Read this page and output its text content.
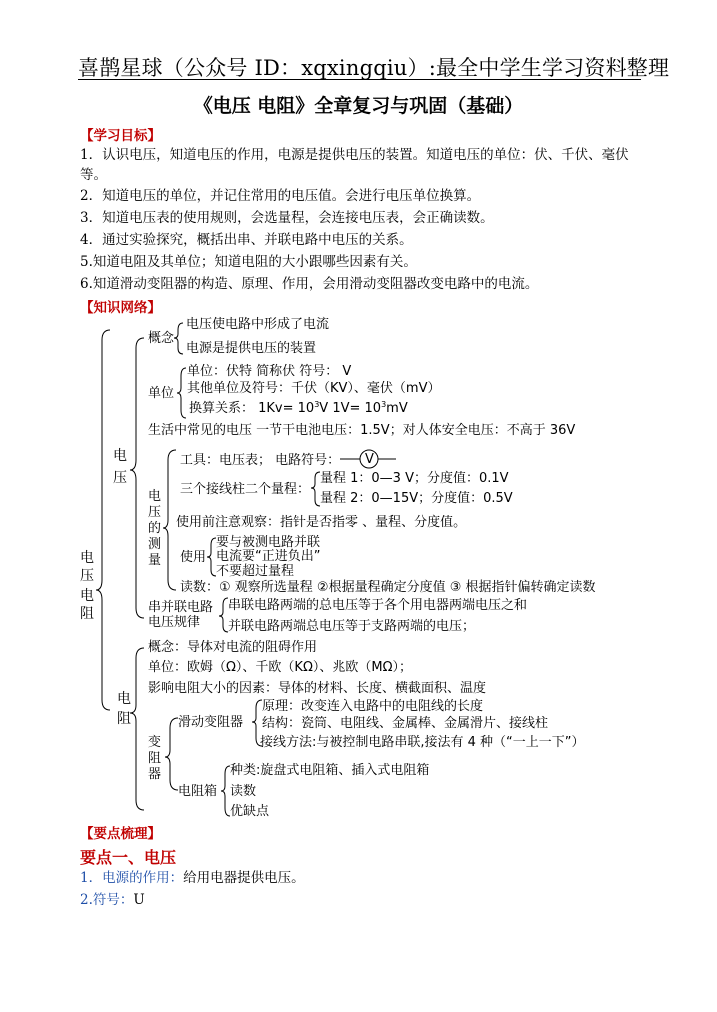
喜鹊星球（公众号 ID：xqxingqiu）:最全中学生学习资料整理
《电压 电阻》全章复习与巩固（基础）
【学习目标】
1．认识电压，知道电压的作用，电源是提供电压的装置。知道电压的单位：伏、千伏、毫伏等。
2．知道电压的单位，并记住常用的电压值。会进行电压单位换算。
3．知道电压表的使用规则，会选量程，会连接电压表，会正确读数。
4．通过实验探究，概括出串、并联电路中电压的关系。
5.知道电阻及其单位；知道电阻的大小跟哪些因素有关。
6.知道滑动变阻器的构造、原理、作用，会用滑动变阻器改变电路中的电流。
【知识网络】
电
压
电
阻
电
压
概念
电压使电路中形成了电流
电源是提供电压的装置
单位
单位：伏特 简称伏 符号： V
其他单位及符号：千伏（KV）、毫伏（mV）
换算关系： $1Kv= 10^3V$ $1V= 10^3mV$
生活中常见的电压 一节干电池电压：1.5V；对人体安全电压：不高于 36V
电
压
的
测
量
工具：电压表； 电路符号： V
三个接线柱二个量程：
量程 1：0—3 V；分度值：0.1V
量程 2：0—15V；分度值：0.5V
使用前注意观察：指针是否指零 、量程、分度值。
使用
要与被测电路并联
电流要“正进负出”
不要超过量程
读数：① 观察所选量程 ②根据量程确定分度值 ③ 根据指针偏转确定读数
串并联电路
电压规律
串联电路两端的总电压等于各个用电器两端电压之和
并联电路两端总电压等于支路两端的电压；
电
阻
概念：导体对电流的阻碍作用
单位：欧姆（Ω）、千欧（KΩ）、兆欧（MΩ）；
影响电阻大小的因素：导体的材料、长度、横截面积、温度
变
阻
器
滑动变阻器
原理：改变连入电路中的电阻线的长度
结构：瓷筒、电阻线、金属棒、金属滑片、接线柱
接线方法:与被控制电路串联,接法有 4 种（“一上一下”）
电阻箱
种类:旋盘式电阻箱、插入式电阻箱
读数
优缺点
【要点梳理】
要点一、电压
1．电源的作用：给用电器提供电压。
2.符号：U
